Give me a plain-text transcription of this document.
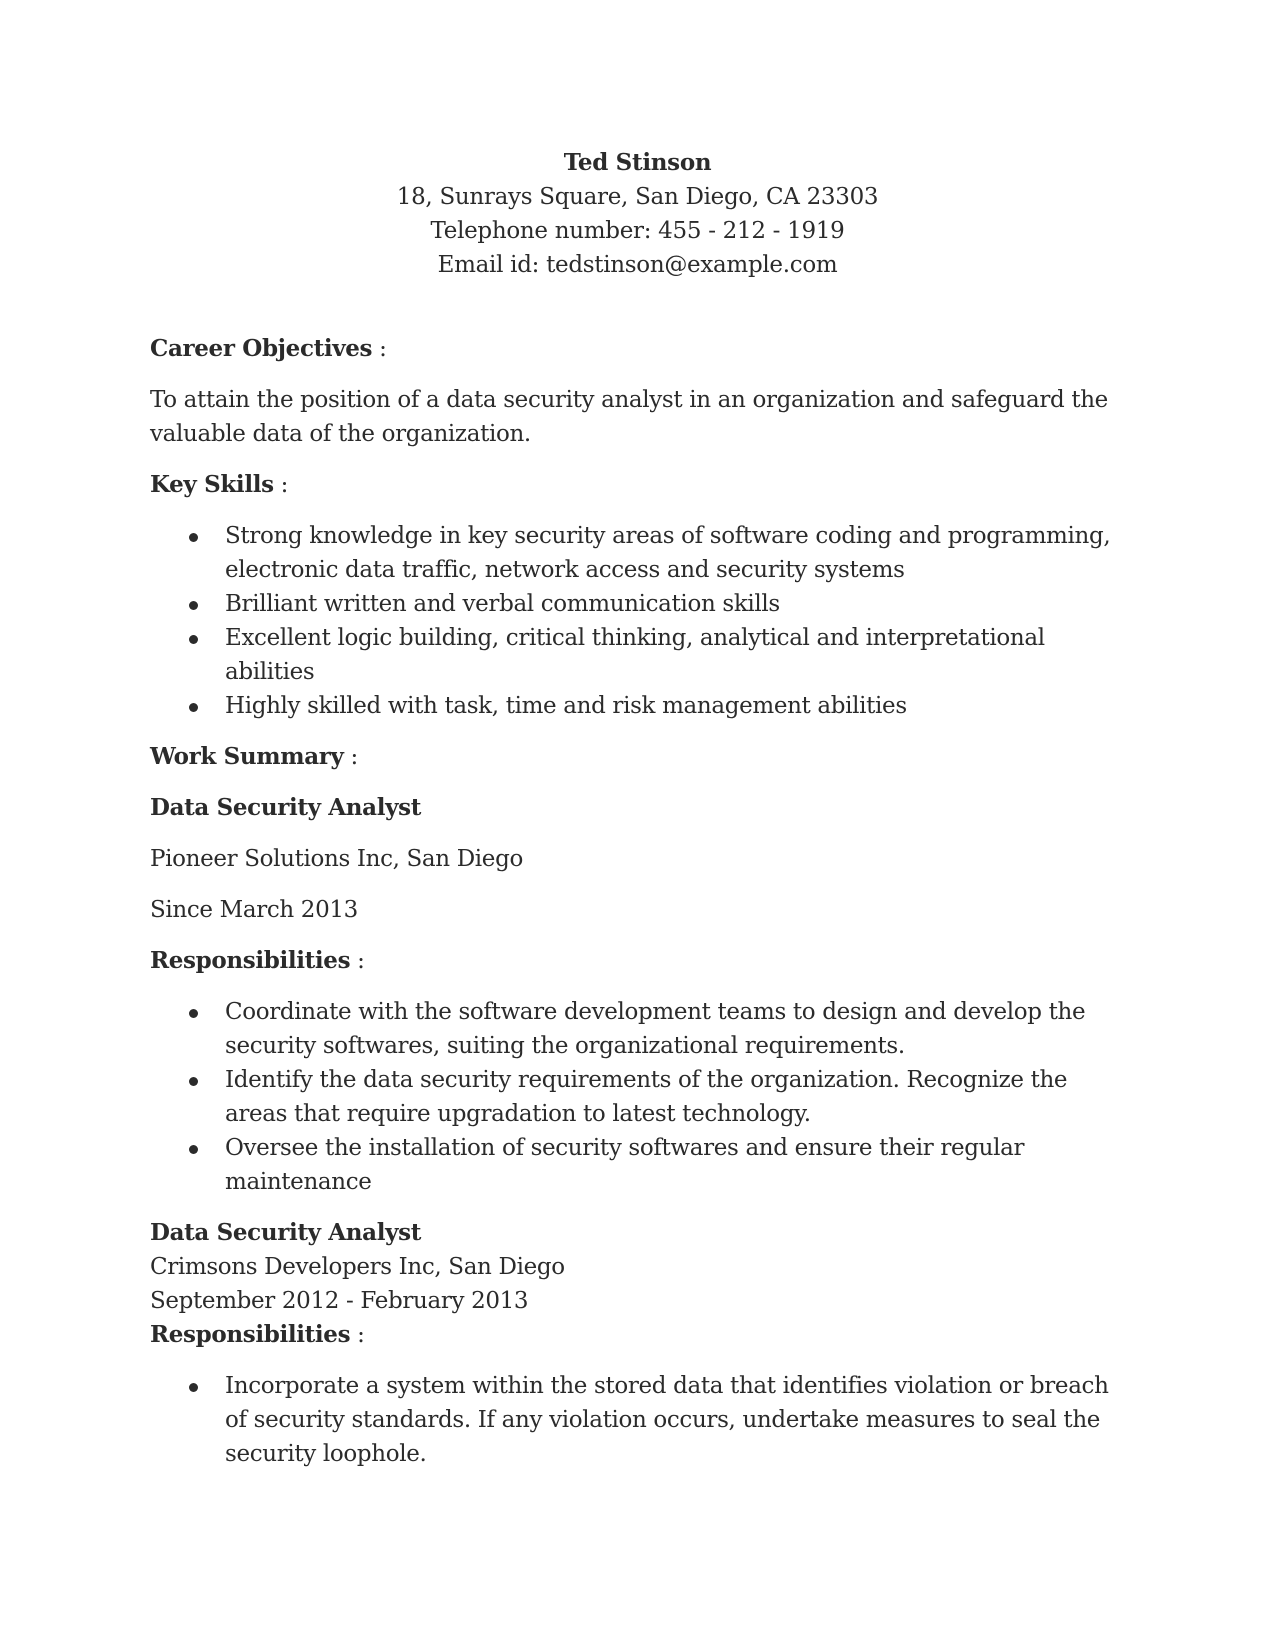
Ted Stinson
18, Sunrays Square, San Diego, CA 23303
Telephone number: 455 - 212 - 1919
Email id: tedstinson@example.com
Career Objectives :
To attain the position of a data security analyst in an organization and safeguard the valuable data of the organization.
Key Skills :
Strong knowledge in key security areas of software coding and programming, electronic data traffic, network access and security systems
Brilliant written and verbal communication skills
Excellent logic building, critical thinking, analytical and interpretational abilities
Highly skilled with task, time and risk management abilities
Work Summary :
Data Security Analyst
Pioneer Solutions Inc, San Diego
Since March 2013
Responsibilities :
Coordinate with the software development teams to design and develop the security softwares, suiting the organizational requirements.
Identify the data security requirements of the organization. Recognize the areas that require upgradation to latest technology.
Oversee the installation of security softwares and ensure their regular maintenance
Data Security Analyst
Crimsons Developers Inc, San Diego
September 2012 - February 2013
Responsibilities :
Incorporate a system within the stored data that identifies violation or breach of security standards. If any violation occurs, undertake measures to seal the security loophole.
